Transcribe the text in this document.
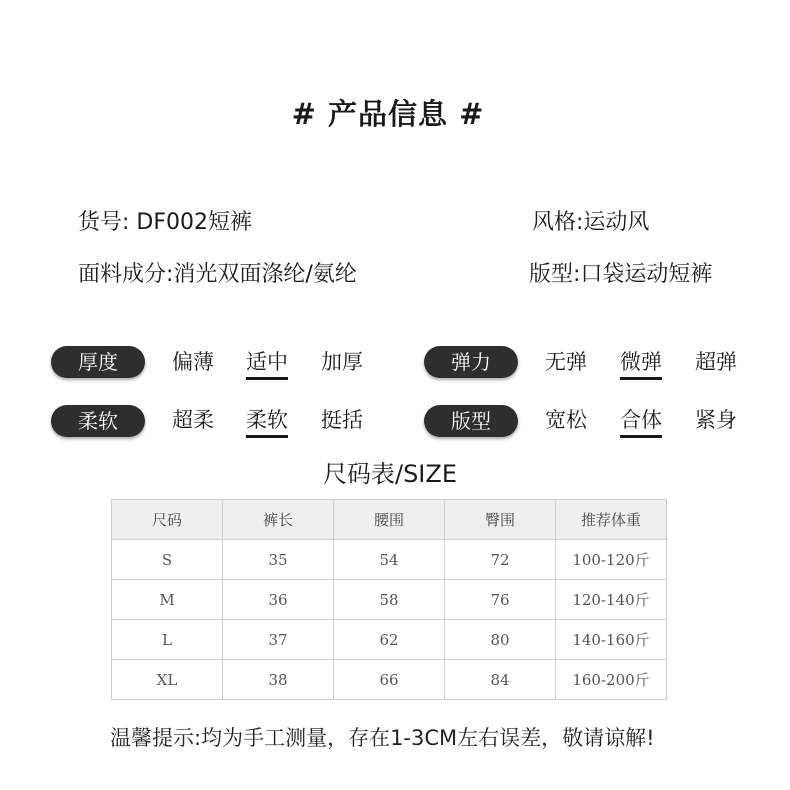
# 产品信息 #
货号: DF002短裤	风格:运动风
面料成分:消光双面涤纶/氨纶	版型:口袋运动短裤
厚度	偏薄 适中 加厚	弹力	无弹 微弹 超弹
柔软	超柔 柔软 挺括	版型	宽松 合体 紧身
尺码表/SIZE
尺码	裤长	腰围	臀围	推荐体重
S	35	54	72	100-120斤
M	36	58	76	120-140斤
L	37	62	80	140-160斤
XL	38	66	84	160-200斤
温馨提示:均为手工测量，存在1-3CM左右误差，敬请谅解!
